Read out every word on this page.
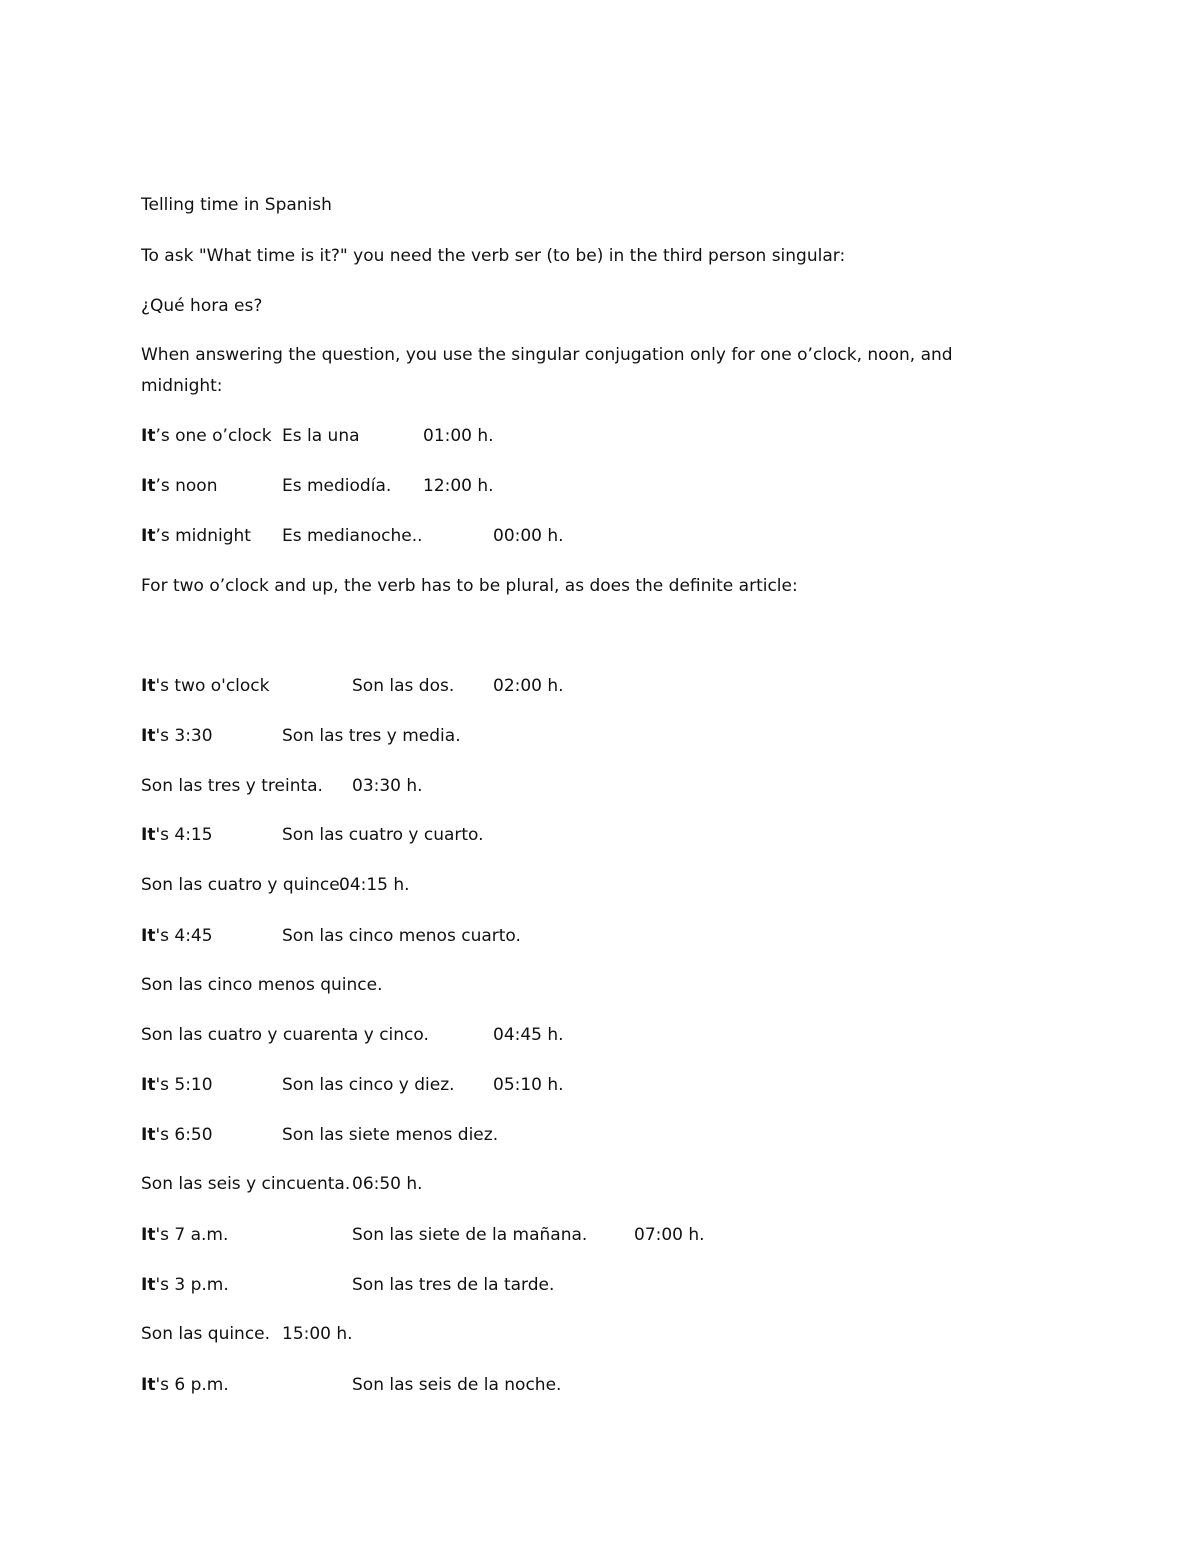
Telling time in Spanish
To ask "What time is it?" you need the verb ser (to be) in the third person singular:
¿Qué hora es?
When answering the question, you use the singular conjugation only for one o’clock, noon, and
midnight:
It’s one o’clock Es la una	01:00 h.
It’s noon	Es mediodía. 12:00 h.
It’s midnight Es medianoche..	00:00 h.
For two o’clock and up, the verb has to be plural, as does the definite article:
It's two o'clock	Son las dos. 02:00 h.
It's 3:30	Son las tres y media.
Son las tres y treinta. 03:30 h.
It's 4:15	Son las cuatro y cuarto.
Son las cuatro y quince.
04:15 h.
It's 4:45	Son las cinco menos cuarto.
Son las cinco menos quince.
Son las cuatro y cuarenta y cinco.	04:45 h.
It's 5:10	Son las cinco y diez. 05:10 h.
It's 6:50	Son las siete menos diez.
Son las seis y cincuenta. 06:50 h.
It's 7 a.m.	Son las siete de la mañana.	07:00 h.
It's 3 p.m.	Son las tres de la tarde.
Son las quince. 15:00 h.
It's 6 p.m.	Son las seis de la noche.
